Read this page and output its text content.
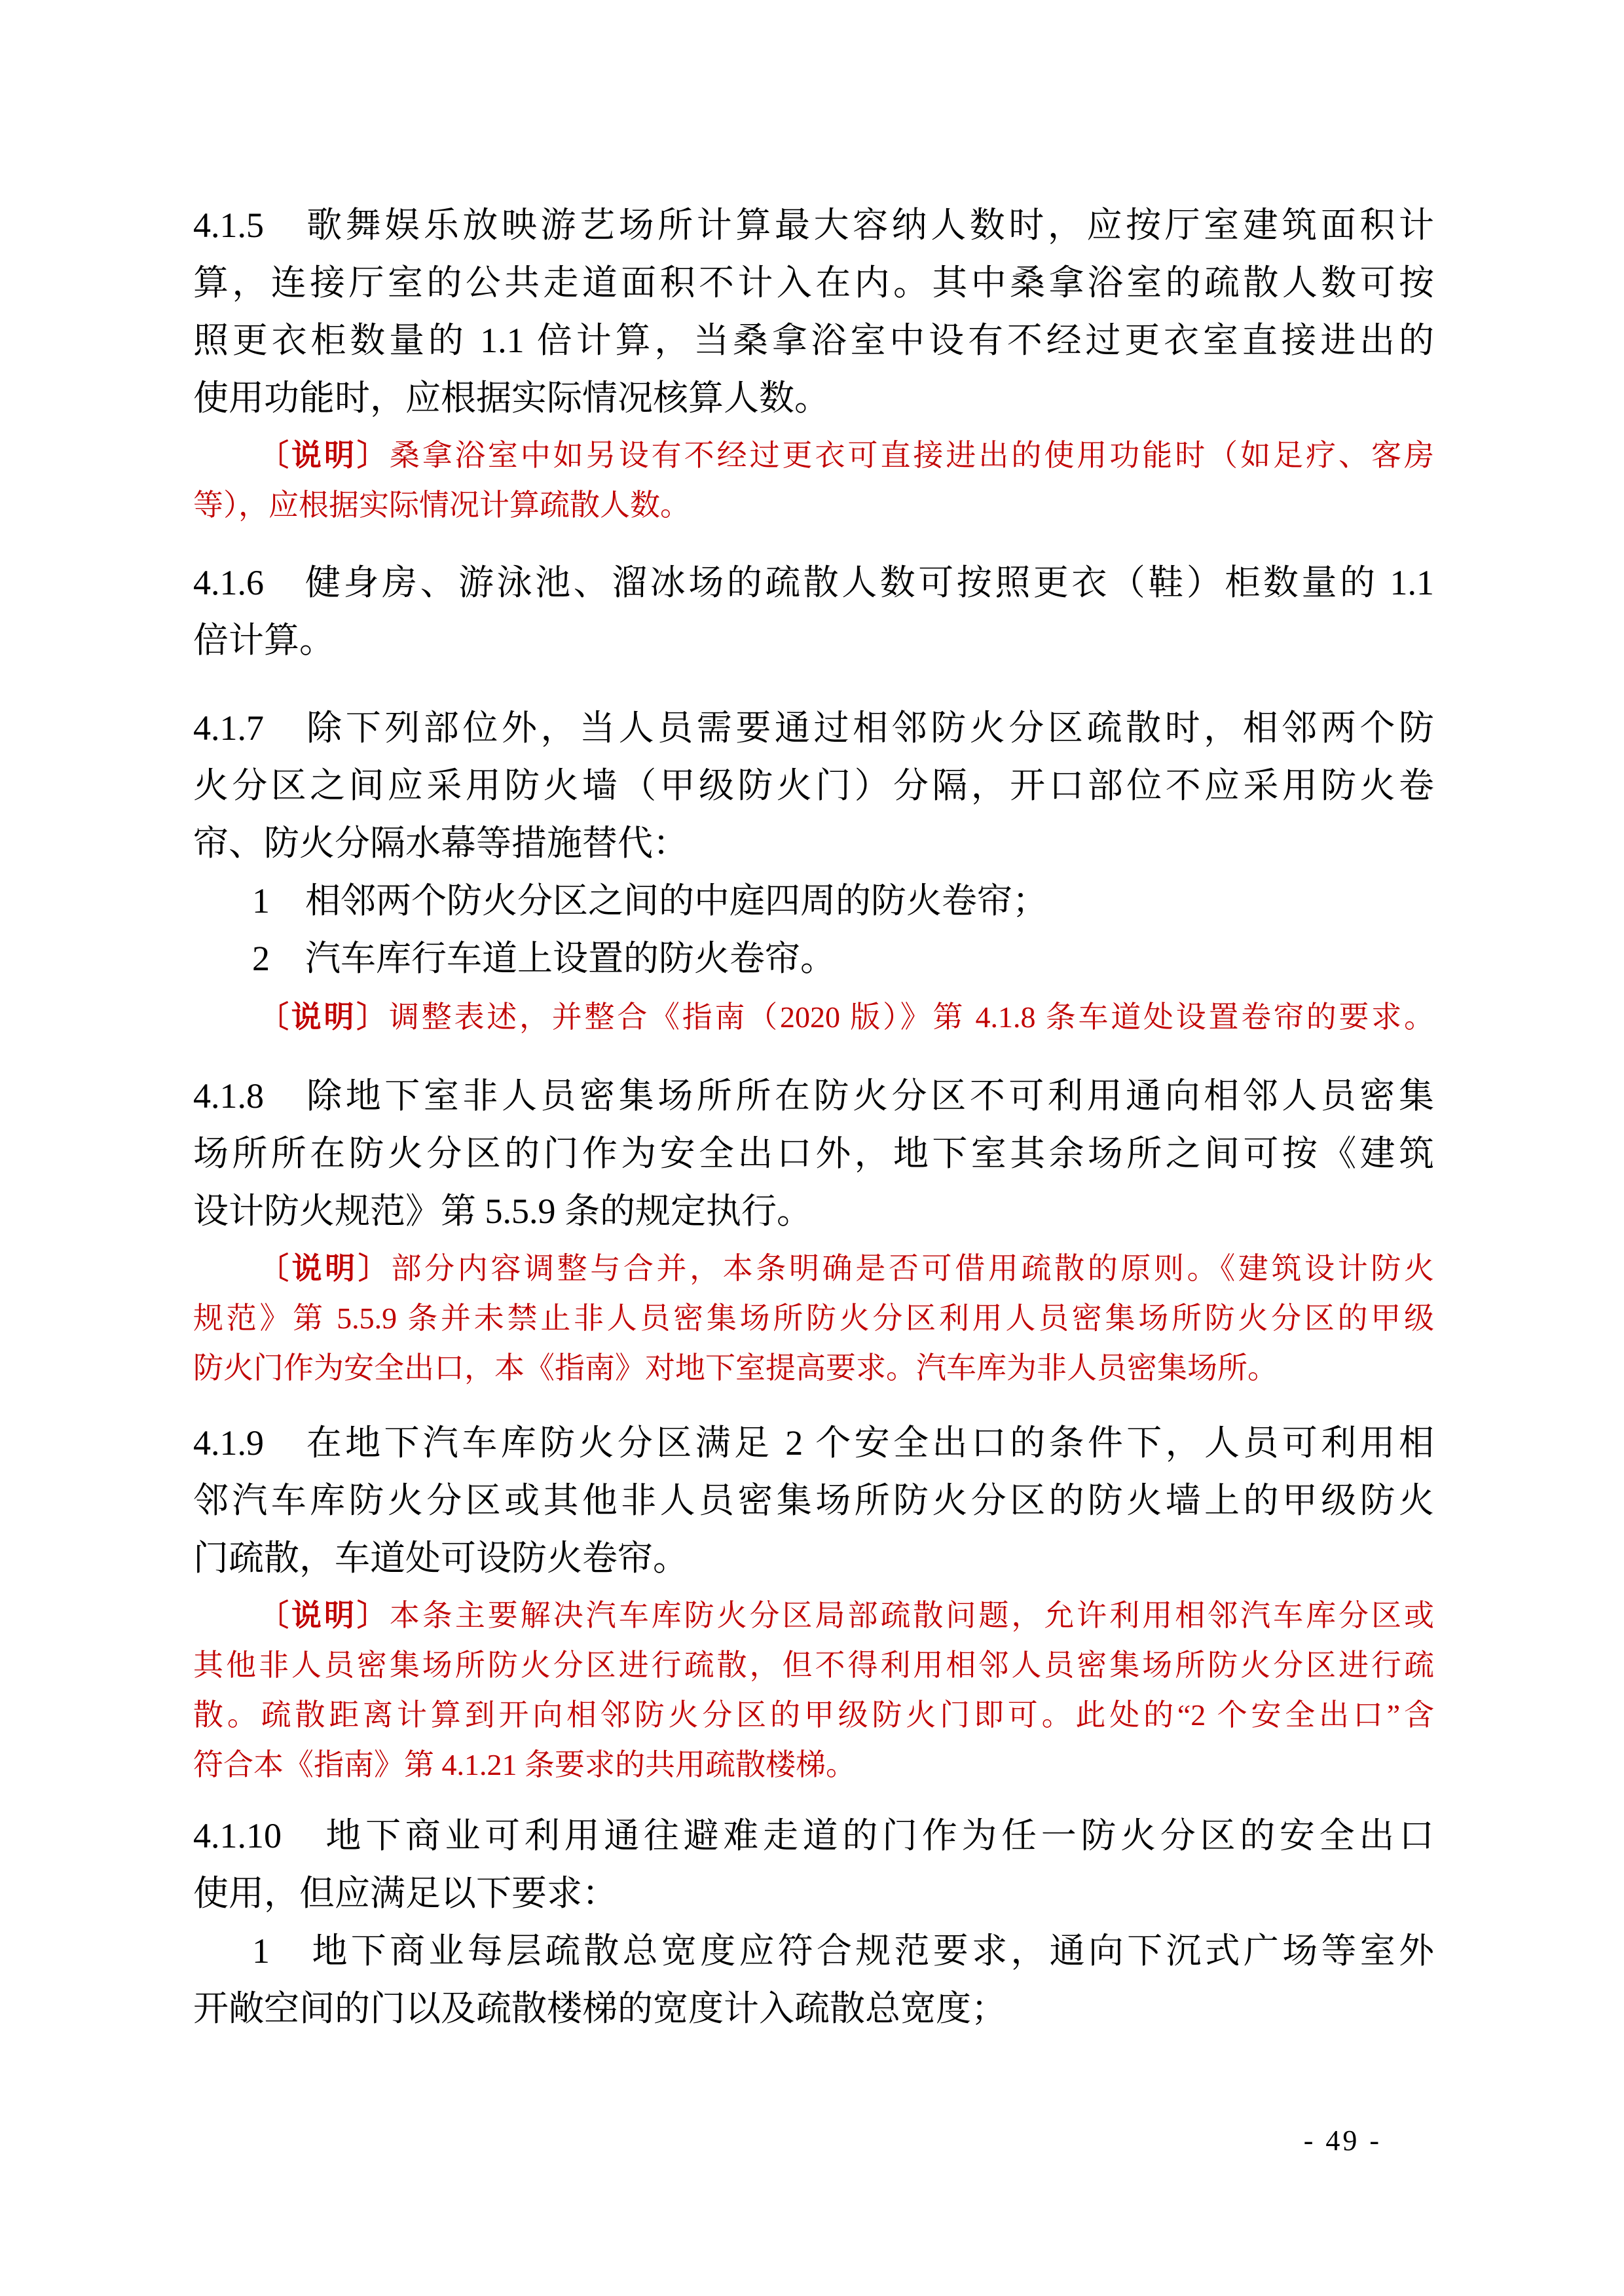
4.1.5　歌舞娱乐放映游艺场所计算最大容纳人数时，应按厅室建筑面积计
算，连接厅室的公共走道面积不计入在内。其中桑拿浴室的疏散人数可按
照更衣柜数量的 1.1 倍计算，当桑拿浴室中设有不经过更衣室直接进出的
使用功能时，应根据实际情况核算人数。
〔说明〕桑拿浴室中如另设有不经过更衣可直接进出的使用功能时（如足疗、客房
等），应根据实际情况计算疏散人数。
4.1.6　健身房、游泳池、溜冰场的疏散人数可按照更衣（鞋）柜数量的 1.1
倍计算。
4.1.7　除下列部位外，当人员需要通过相邻防火分区疏散时，相邻两个防
火分区之间应采用防火墙（甲级防火门）分隔，开口部位不应采用防火卷
帘、防火分隔水幕等措施替代：
1　相邻两个防火分区之间的中庭四周的防火卷帘；
2　汽车库行车道上设置的防火卷帘。
〔说明〕调整表述，并整合《指南（2020 版）》第 4.1.8 条车道处设置卷帘的要求。
4.1.8　除地下室非人员密集场所所在防火分区不可利用通向相邻人员密集
场所所在防火分区的门作为安全出口外，地下室其余场所之间可按《建筑
设计防火规范》第 5.5.9 条的规定执行。
〔说明〕部分内容调整与合并，本条明确是否可借用疏散的原则。《建筑设计防火
规范》第 5.5.9 条并未禁止非人员密集场所防火分区利用人员密集场所防火分区的甲级
防火门作为安全出口，本《指南》对地下室提高要求。汽车库为非人员密集场所。
4.1.9　在地下汽车库防火分区满足 2 个安全出口的条件下，人员可利用相
邻汽车库防火分区或其他非人员密集场所防火分区的防火墙上的甲级防火
门疏散，车道处可设防火卷帘。
〔说明〕本条主要解决汽车库防火分区局部疏散问题，允许利用相邻汽车库分区或
其他非人员密集场所防火分区进行疏散，但不得利用相邻人员密集场所防火分区进行疏
散。疏散距离计算到开向相邻防火分区的甲级防火门即可。此处的“2 个安全出口”含
符合本《指南》第 4.1.21 条要求的共用疏散楼梯。
4.1.10　地下商业可利用通往避难走道的门作为任一防火分区的安全出口
使用，但应满足以下要求：
1　地下商业每层疏散总宽度应符合规范要求，通向下沉式广场等室外
开敞空间的门以及疏散楼梯的宽度计入疏散总宽度；
- 49 -
